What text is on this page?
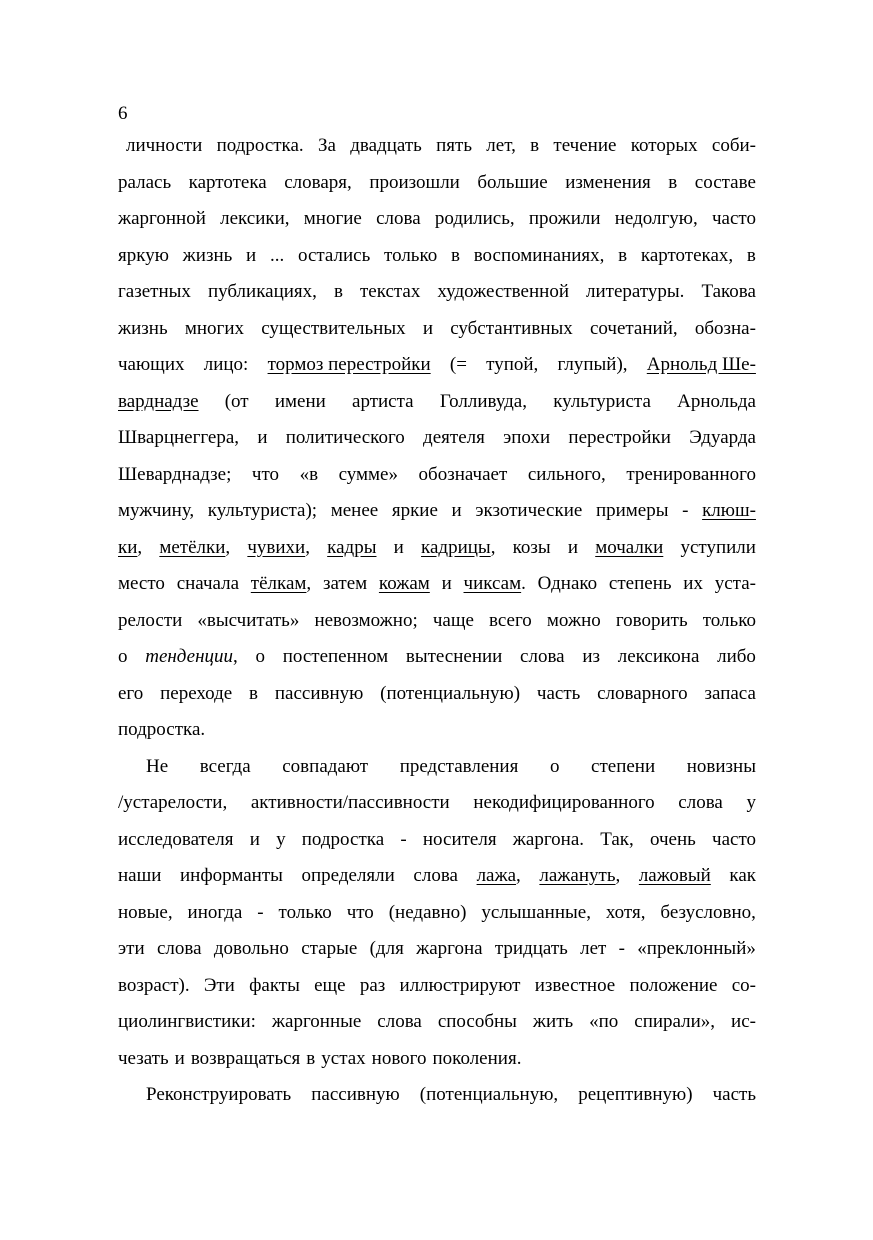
6
личности подростка. За двадцать пять лет, в течение которых соби-
ралась картотека словаря, произошли большие изменения в составе
жаргонной лексики, многие слова родились, прожили недолгую, часто
яркую жизнь и ... остались только в воспоминаниях, в картотеках, в
газетных публикациях, в текстах художественной литературы. Такова
жизнь многих существительных и субстантивных сочетаний, обозна-
чающих лицо: тормоз перестройки (= тупой, глупый), Арнольд Ше-
варднадзе (от имени артиста Голливуда, культуриста Арнольда
Шварцнеггера, и политического деятеля эпохи перестройки Эдуарда
Шеварднадзе; что «в сумме» обозначает сильного, тренированного
мужчину, культуриста); менее яркие и экзотические примеры - клюш-
ки, метёлки, чувихи, кадры и кадрицы, козы и мочалки уступили
место сначала тёлкам, затем кожам и чиксам. Однако степень их уста-
релости «высчитать» невозможно; чаще всего можно говорить только
о тенденции, о постепенном вытеснении слова из лексикона либо
его переходе в пассивную (потенциальную) часть словарного запаса
подростка.
Не всегда совпадают представления о степени новизны
/устарелости, активности/пассивности некодифицированного слова у
исследователя и у подростка - носителя жаргона. Так, очень часто
наши информанты определяли слова лажа, лажануть, лажовый как
новые, иногда - только что (недавно) услышанные, хотя, безусловно,
эти слова довольно старые (для жаргона тридцать лет - «преклонный»
возраст). Эти факты еще раз иллюстрируют известное положение со-
циолингвистики: жаргонные слова способны жить «по спирали», ис-
чезать и возвращаться в устах нового поколения.
Реконструировать пассивную (потенциальную, рецептивную) часть
